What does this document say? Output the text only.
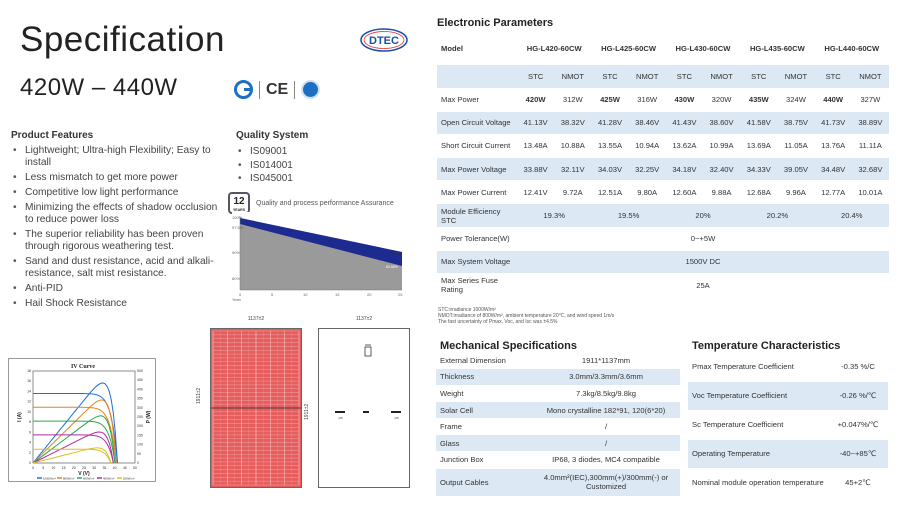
Specification
420W – 440W
DTEC
CE
Product Features
• Lightweight; Ultra-high Flexibility; Easy to install
• Less mismatch to get more power
• Competitive low light performance
• Minimizing the effects of shadow occlusion to reduce power loss
• The superior reliability has been proven through rigorous weathering test.
• Sand and dust resistance, acid and alkali-resistance, salt mist resistance.
• Anti-PID
• Hail Shock Resistance
Quality System
• IS09001
• IS014001
• IS045001
12
YEARS
Quality and process performance Assurance
100%
97.5%
90%
80%
0	5	10	15	20	25
Years
84.8%
80.68%
IV Curve
0 5 10 15 20 25 30 35 40 45 50
0
2
4
6
8
10
12
14
16
18
0
50
100
150
200
250
300
350
400
450
500
V (V)
I (A)	P (W)
1000W/m²	800W/m²	600W/m²	400W/m²	200W/m²
1137±2	1137±2
1911±2
1911±2	J-B	J-B
Electronic Parameters
Model	HG-L420-60CW		HG-L425-60CW		HG-L430-60CW		HG-L435-60CW		HG-L440-60CW	
	STC	NMOT	STC	NMOT	STC	NMOT	STC	NMOT	STC	NMOT
Max Power	420W	312W	425W	316W	430W	320W	435W	324W	440W	327W
Open Circuit Voltage	41.13V	38.32V	41.28V	38.46V	41.43V	38.60V	41.58V	38.75V	41.73V	38.89V
Short Circuit Current	13.48A	10.88A	13.55A	10.94A	13.62A	10.99A	13.69A	11.05A	13.76A	11.11A
Max Power Voltage	33.88V	32.11V	34.03V	32.25V	34.18V	32.40V	34.33V	39.05V	34.48V	32.68V
Max Power Current	12.41V	9.72A	12.51A	9.80A	12.60A	9.88A	12.68A	9.96A	12.77A	10.01A
Module Efficiency STC	19.3%		19.5%		20%		20.2%		20.4%	
Power Tolerance(W)	0~+5W									
Max System Voltage	1500V DC									
Max Series Fuse Rating	25A									
STC:irradiance 1000W/m²
NMOT:irradiance of 800W/m², ambient temperature 20℃, and wind speed 1m/s
The fast uncertainty of Pmax, Voc, and Isc was ±4.5%
Mechanical Specifications
External Dimension	1911*1137mm
Thickness	3.0mm/3.3mm/3.6mm
Weight	7.3kg/8.5kg/9.8kg
Solar Cell	Mono crystalline 182*91, 120(6*20)
Frame	/
Glass	/
Junction Box	IP68, 3 diodes, MC4 compatible
Output Cables	4.0mm²(IEC),300mm(+)/300mm(-) or Customized
Temperature Characteristics
Pmax Temperature Coefficient	-0.35 %/C
Voc Temperature Coefficient	-0.26 %/℃
Sc Temperature Coefficient	+0.047%/℃
Operating Temperature	-40~+85℃
Nominal module operation temperature	45+2℃
